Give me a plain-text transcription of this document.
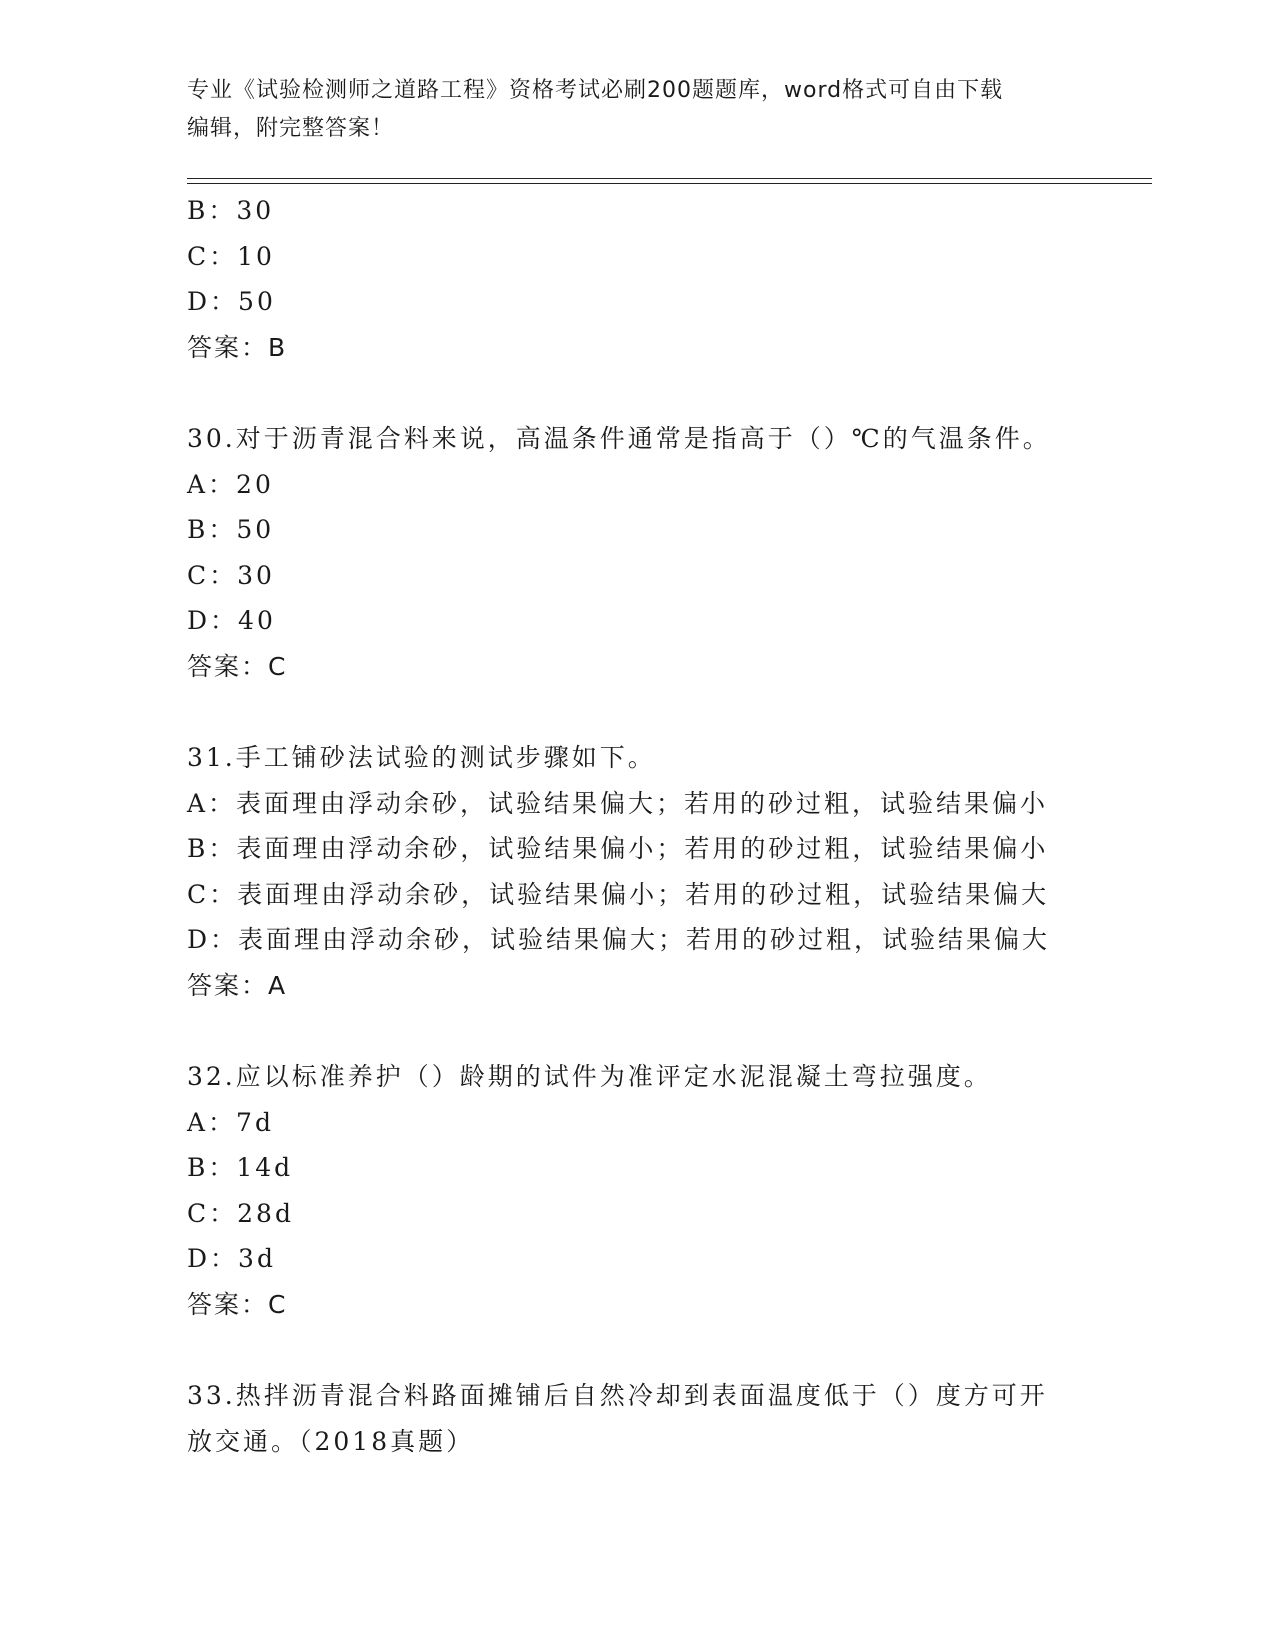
专业《试验检测师之道路工程》资格考试必刷200题题库，word格式可自由下载
编辑，附完整答案！
B：30
C：10
D：50
答案：B
30.对于沥青混合料来说，高温条件通常是指高于（）℃的气温条件。
A：20
B：50
C：30
D：40
答案：C
31.手工铺砂法试验的测试步骤如下。
A：表面理由浮动余砂，试验结果偏大；若用的砂过粗，试验结果偏小
B：表面理由浮动余砂，试验结果偏小；若用的砂过粗，试验结果偏小
C：表面理由浮动余砂，试验结果偏小；若用的砂过粗，试验结果偏大
D：表面理由浮动余砂，试验结果偏大；若用的砂过粗，试验结果偏大
答案：A
32.应以标准养护（）龄期的试件为准评定水泥混凝土弯拉强度。
A：7d
B：14d
C：28d
D：3d
答案：C
33.热拌沥青混合料路面摊铺后自然冷却到表面温度低于（）度方可开
放交通。（2018真题）
